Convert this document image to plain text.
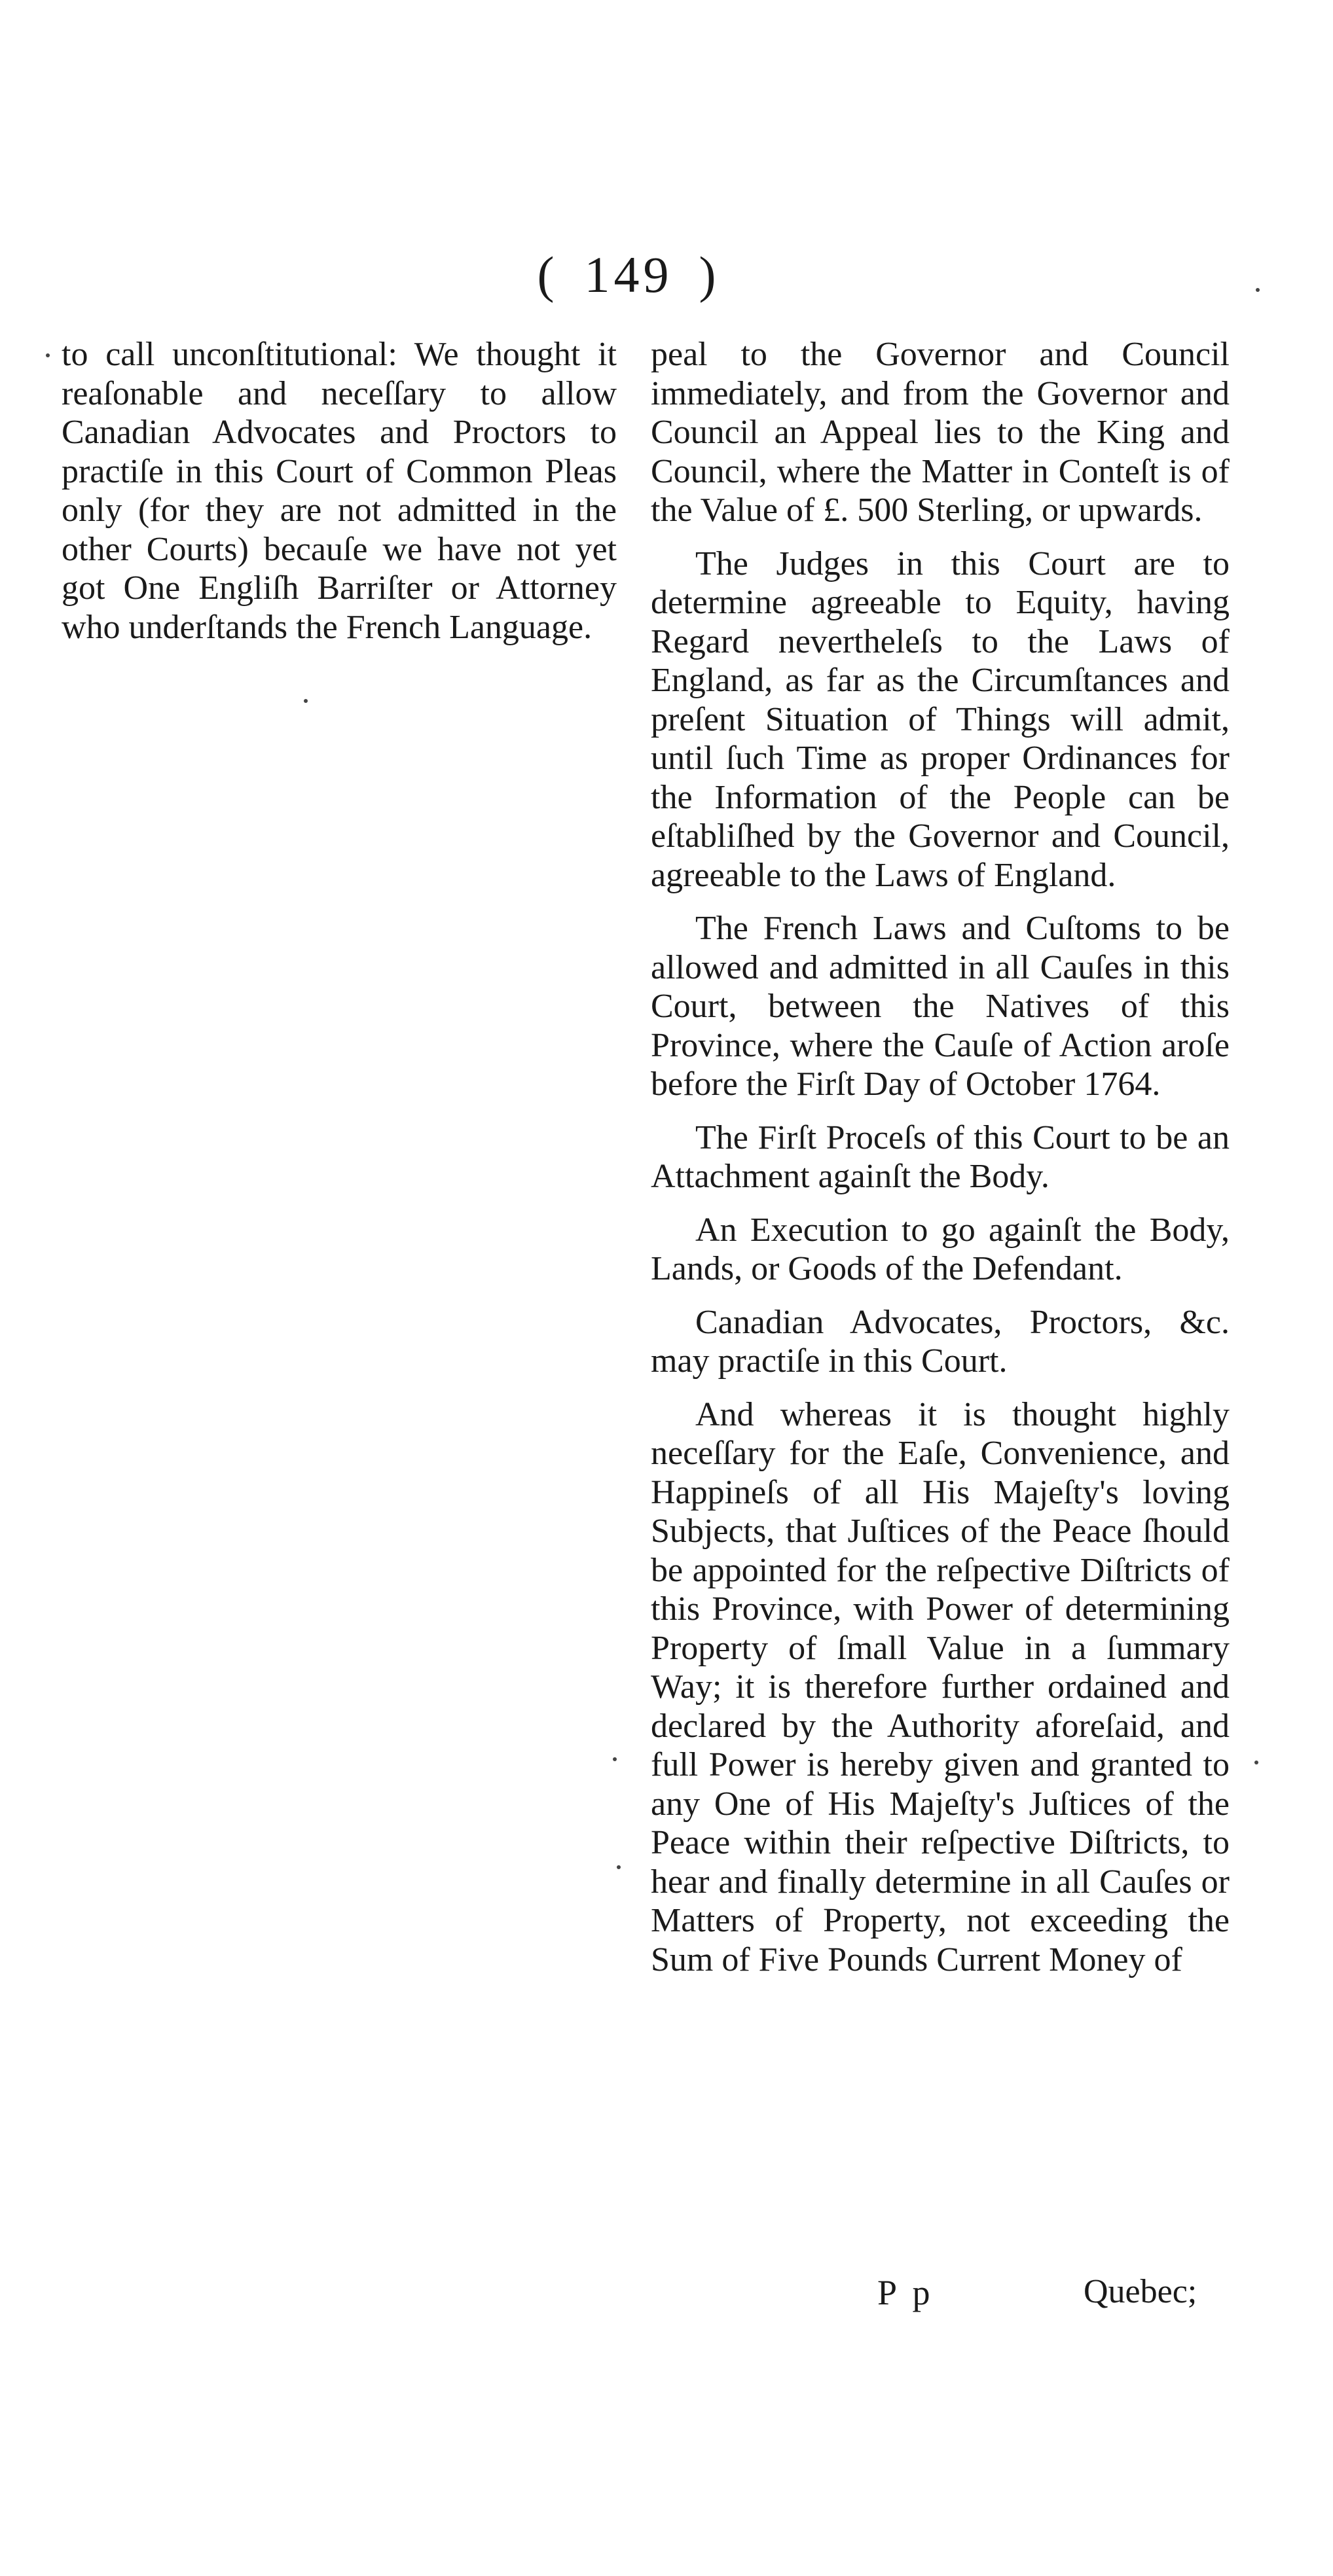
( 149 )

to call unconſtitutional: We thought it reaſonable and neceſſary to allow Canadian Advocates and Proctors to practiſe in this Court of Common Pleas only (for they are not admitted in the other Courts) becauſe we have not yet got One Engliſh Barriſter or Attorney who underſtands the French Language.

peal to the Governor and Council immediately, and from the Governor and Council an Appeal lies to the King and Council, where the Matter in Conteſt is of the Value of £. 500 Sterling, or upwards.

The Judges in this Court are to determine agreeable to Equity, having Regard nevertheleſs to the Laws of England, as far as the Circumſtances and preſent Situation of Things will admit, until ſuch Time as proper Ordinances for the Information of the People can be eſtabliſhed by the Governor and Council, agreeable to the Laws of England.

The French Laws and Cuſtoms to be allowed and admitted in all Cauſes in this Court, between the Natives of this Province, where the Cauſe of Action aroſe before the Firſt Day of October 1764.

The Firſt Proceſs of this Court to be an Attachment againſt the Body.

An Execution to go againſt the Body, Lands, or Goods of the Defendant.

Canadian Advocates, Proctors, &c. may practiſe in this Court.

And whereas it is thought highly neceſſary for the Eaſe, Convenience, and Happineſs of all His Majeſty's loving Subjects, that Juſtices of the Peace ſhould be appointed for the reſpective Diſtricts of this Province, with Power of determining Property of ſmall Value in a ſummary Way; it is therefore further ordained and declared by the Authority aforeſaid, and full Power is hereby given and granted to any One of His Majeſty's Juſtices of the Peace within their reſpective Diſtricts, to hear and finally determine in all Cauſes or Matters of Property, not exceeding the Sum of Five Pounds Current Money of

P p	Quebec;
